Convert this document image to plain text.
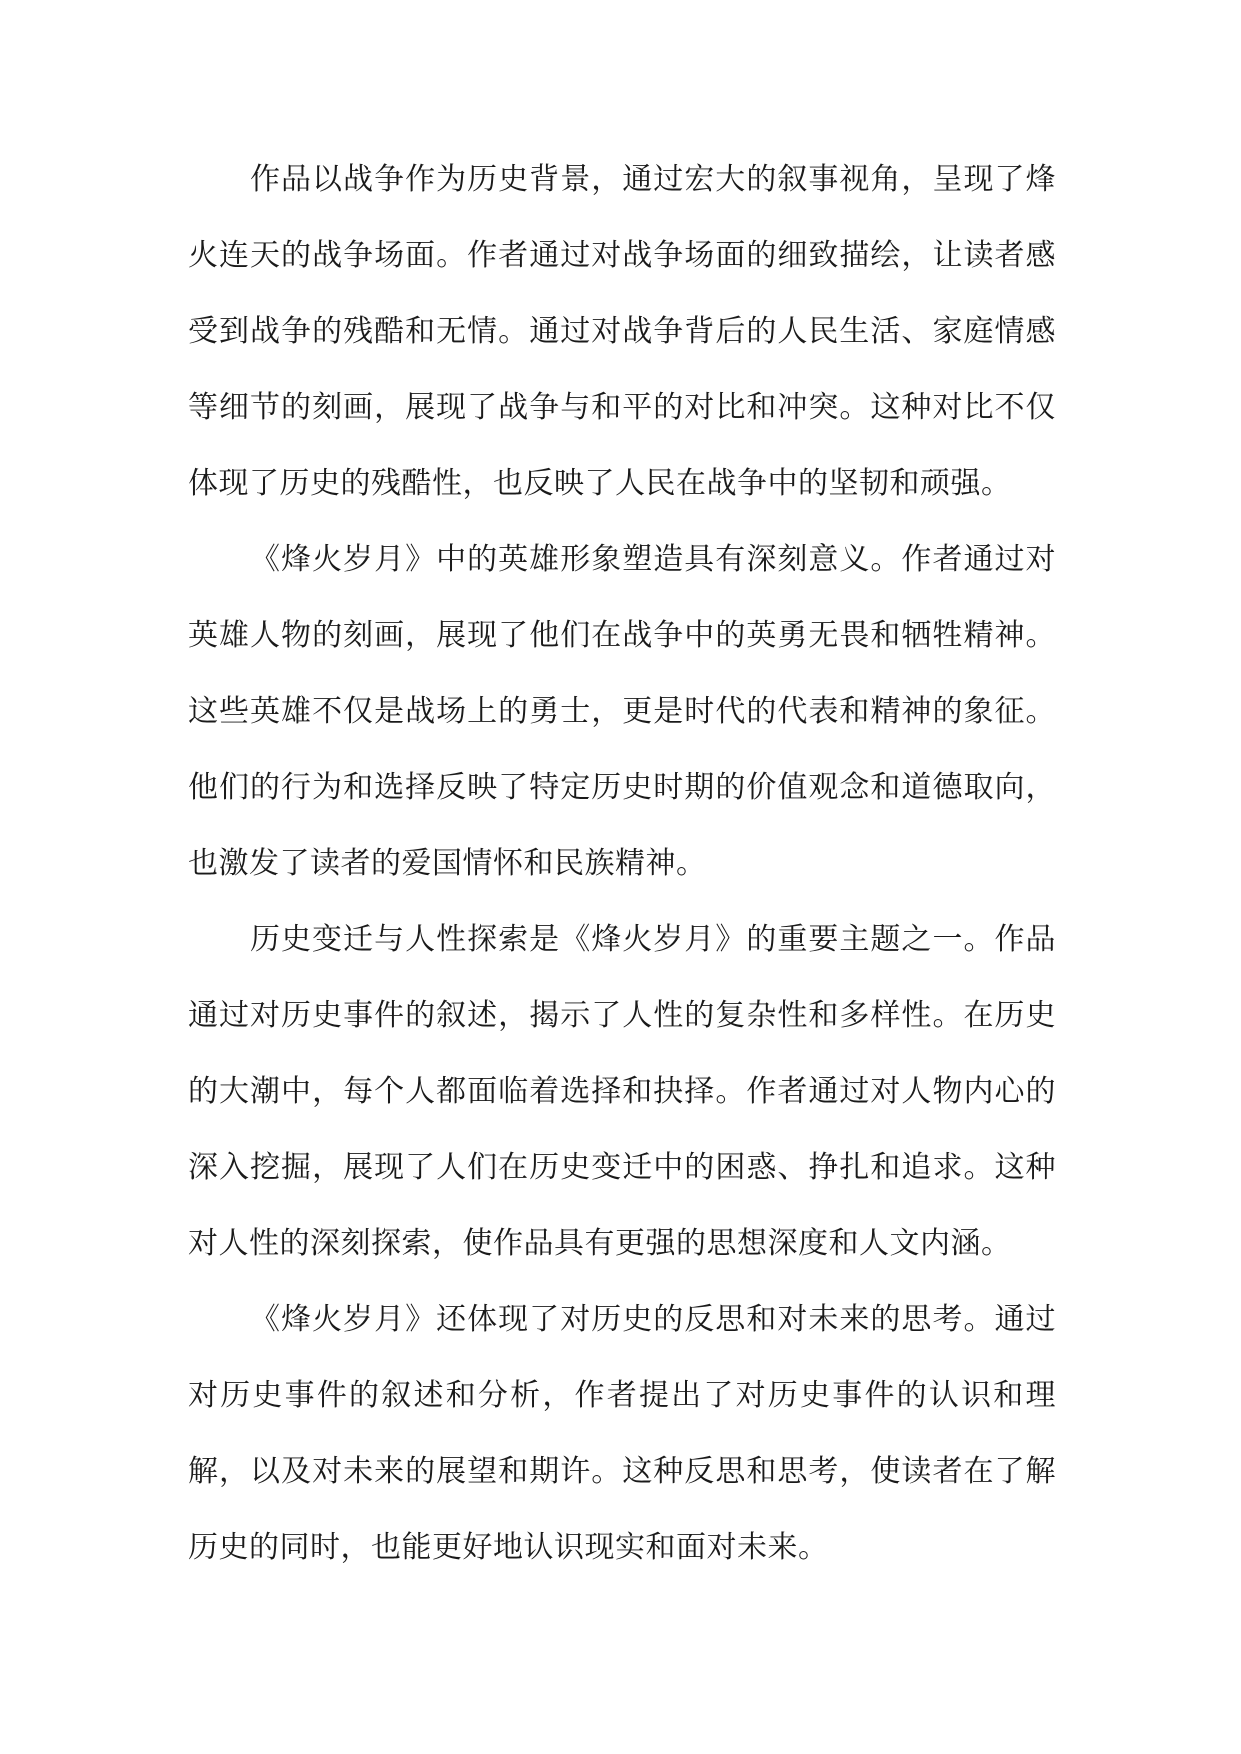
作品以战争作为历史背景，通过宏大的叙事视角，呈现了烽火连天的战争场面。作者通过对战争场面的细致描绘，让读者感受到战争的残酷和无情。通过对战争背后的人民生活、家庭情感等细节的刻画，展现了战争与和平的对比和冲突。这种对比不仅体现了历史的残酷性，也反映了人民在战争中的坚韧和顽强。

《烽火岁月》中的英雄形象塑造具有深刻意义。作者通过对英雄人物的刻画，展现了他们在战争中的英勇无畏和牺牲精神。这些英雄不仅是战场上的勇士，更是时代的代表和精神的象征。他们的行为和选择反映了特定历史时期的价值观念和道德取向，也激发了读者的爱国情怀和民族精神。

历史变迁与人性探索是《烽火岁月》的重要主题之一。作品通过对历史事件的叙述，揭示了人性的复杂性和多样性。在历史的大潮中，每个人都面临着选择和抉择。作者通过对人物内心的深入挖掘，展现了人们在历史变迁中的困惑、挣扎和追求。这种对人性的深刻探索，使作品具有更强的思想深度和人文内涵。

《烽火岁月》还体现了对历史的反思和对未来的思考。通过对历史事件的叙述和分析，作者提出了对历史事件的认识和理解，以及对未来的展望和期许。这种反思和思考，使读者在了解历史的同时，也能更好地认识现实和面对未来。
